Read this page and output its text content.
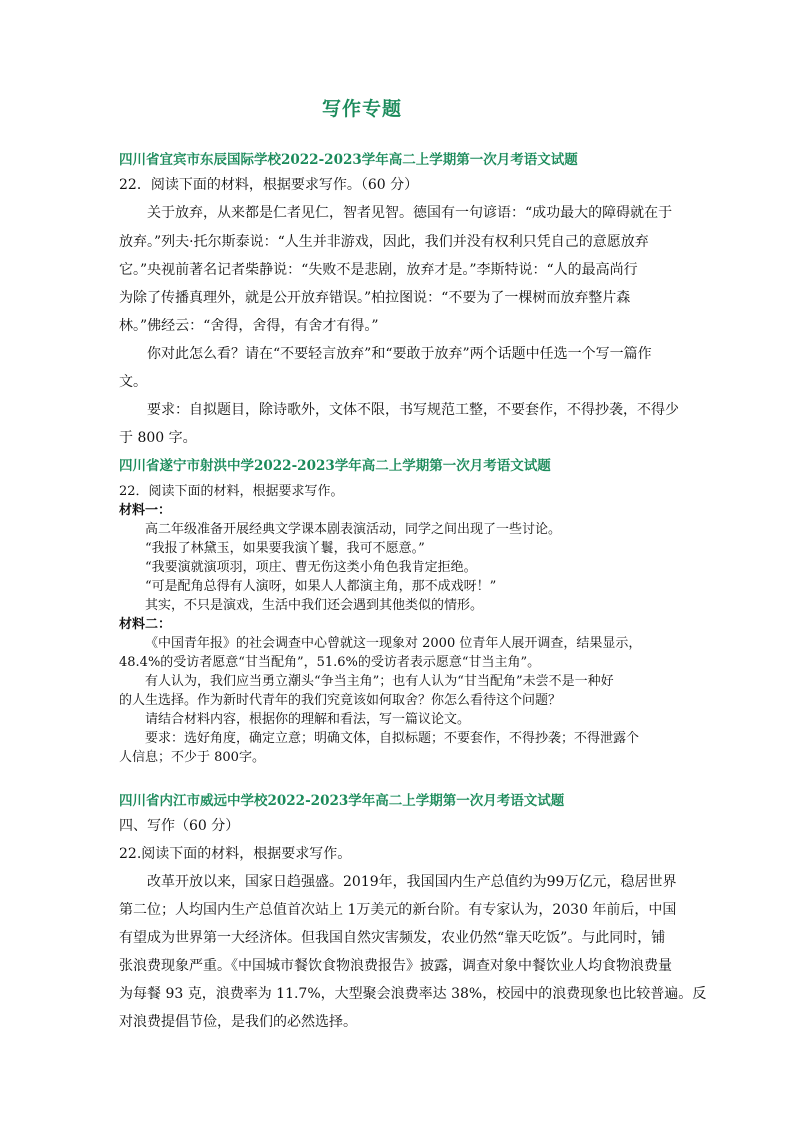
写作专题
四川省宜宾市东辰国际学校2022-2023学年高二上学期第一次月考语文试题
22．阅读下面的材料，根据要求写作。（60 分）
关于放弃，从来都是仁者见仁，智者见智。德国有一句谚语：“成功最大的障碍就在于
放弃。”列夫·托尔斯泰说：“人生并非游戏，因此，我们并没有权利只凭自己的意愿放弃
它。”央视前著名记者柴静说：“失败不是悲剧，放弃才是。”李斯特说：“人的最高尚行
为除了传播真理外，就是公开放弃错误。”柏拉图说：“不要为了一棵树而放弃整片森
林。”佛经云：“舍得，舍得，有舍才有得。”
你对此怎么看？请在“不要轻言放弃”和“要敢于放弃”两个话题中任选一个写一篇作
文。
要求：自拟题目，除诗歌外，文体不限，书写规范工整，不要套作，不得抄袭，不得少
于 800 字。
四川省遂宁市射洪中学2022-2023学年高二上学期第一次月考语文试题
22．阅读下面的材料，根据要求写作。
材料一：
高二年级准备开展经典文学课本剧表演活动，同学之间出现了一些讨论。
“我报了林黛玉，如果要我演丫鬟，我可不愿意。”
“我要演就演项羽，项庄、曹无伤这类小角色我肯定拒绝。
“可是配角总得有人演呀，如果人人都演主角，那不成戏呀！”
其实，不只是演戏，生活中我们还会遇到其他类似的情形。
材料二：
《中国青年报》的社会调查中心曾就这一现象对 2000 位青年人展开调查，结果显示，
48.4%的受访者愿意“甘当配角”，51.6%的受访者表示愿意“甘当主角”。
有人认为，我们应当勇立潮头“争当主角”；也有人认为“甘当配角”未尝不是一种好
的人生选择。作为新时代青年的我们究竟该如何取舍？你怎么看待这个问题？
请结合材料内容，根据你的理解和看法，写一篇议论文。
要求：选好角度，确定立意；明确文体，自拟标题；不要套作，不得抄袭；不得泄露个
人信息；不少于 800字。
四川省内江市威远中学校2022-2023学年高二上学期第一次月考语文试题
四、写作（60 分）
22.阅读下面的材料，根据要求写作。
改革开放以来，国家日趋强盛。2019年，我国国内生产总值约为99万亿元，稳居世界
第二位；人均国内生产总值首次站上 1万美元的新台阶。有专家认为，2030 年前后，中国
有望成为世界第一大经济体。但我国自然灾害频发，农业仍然“靠天吃饭”。与此同时，铺
张浪费现象严重。《中国城市餐饮食物浪费报告》披露，调查对象中餐饮业人均食物浪费量
为每餐 93 克，浪费率为 11.7%，大型聚会浪费率达 38%，校园中的浪费现象也比较普遍。反
对浪费提倡节俭，是我们的必然选择。
